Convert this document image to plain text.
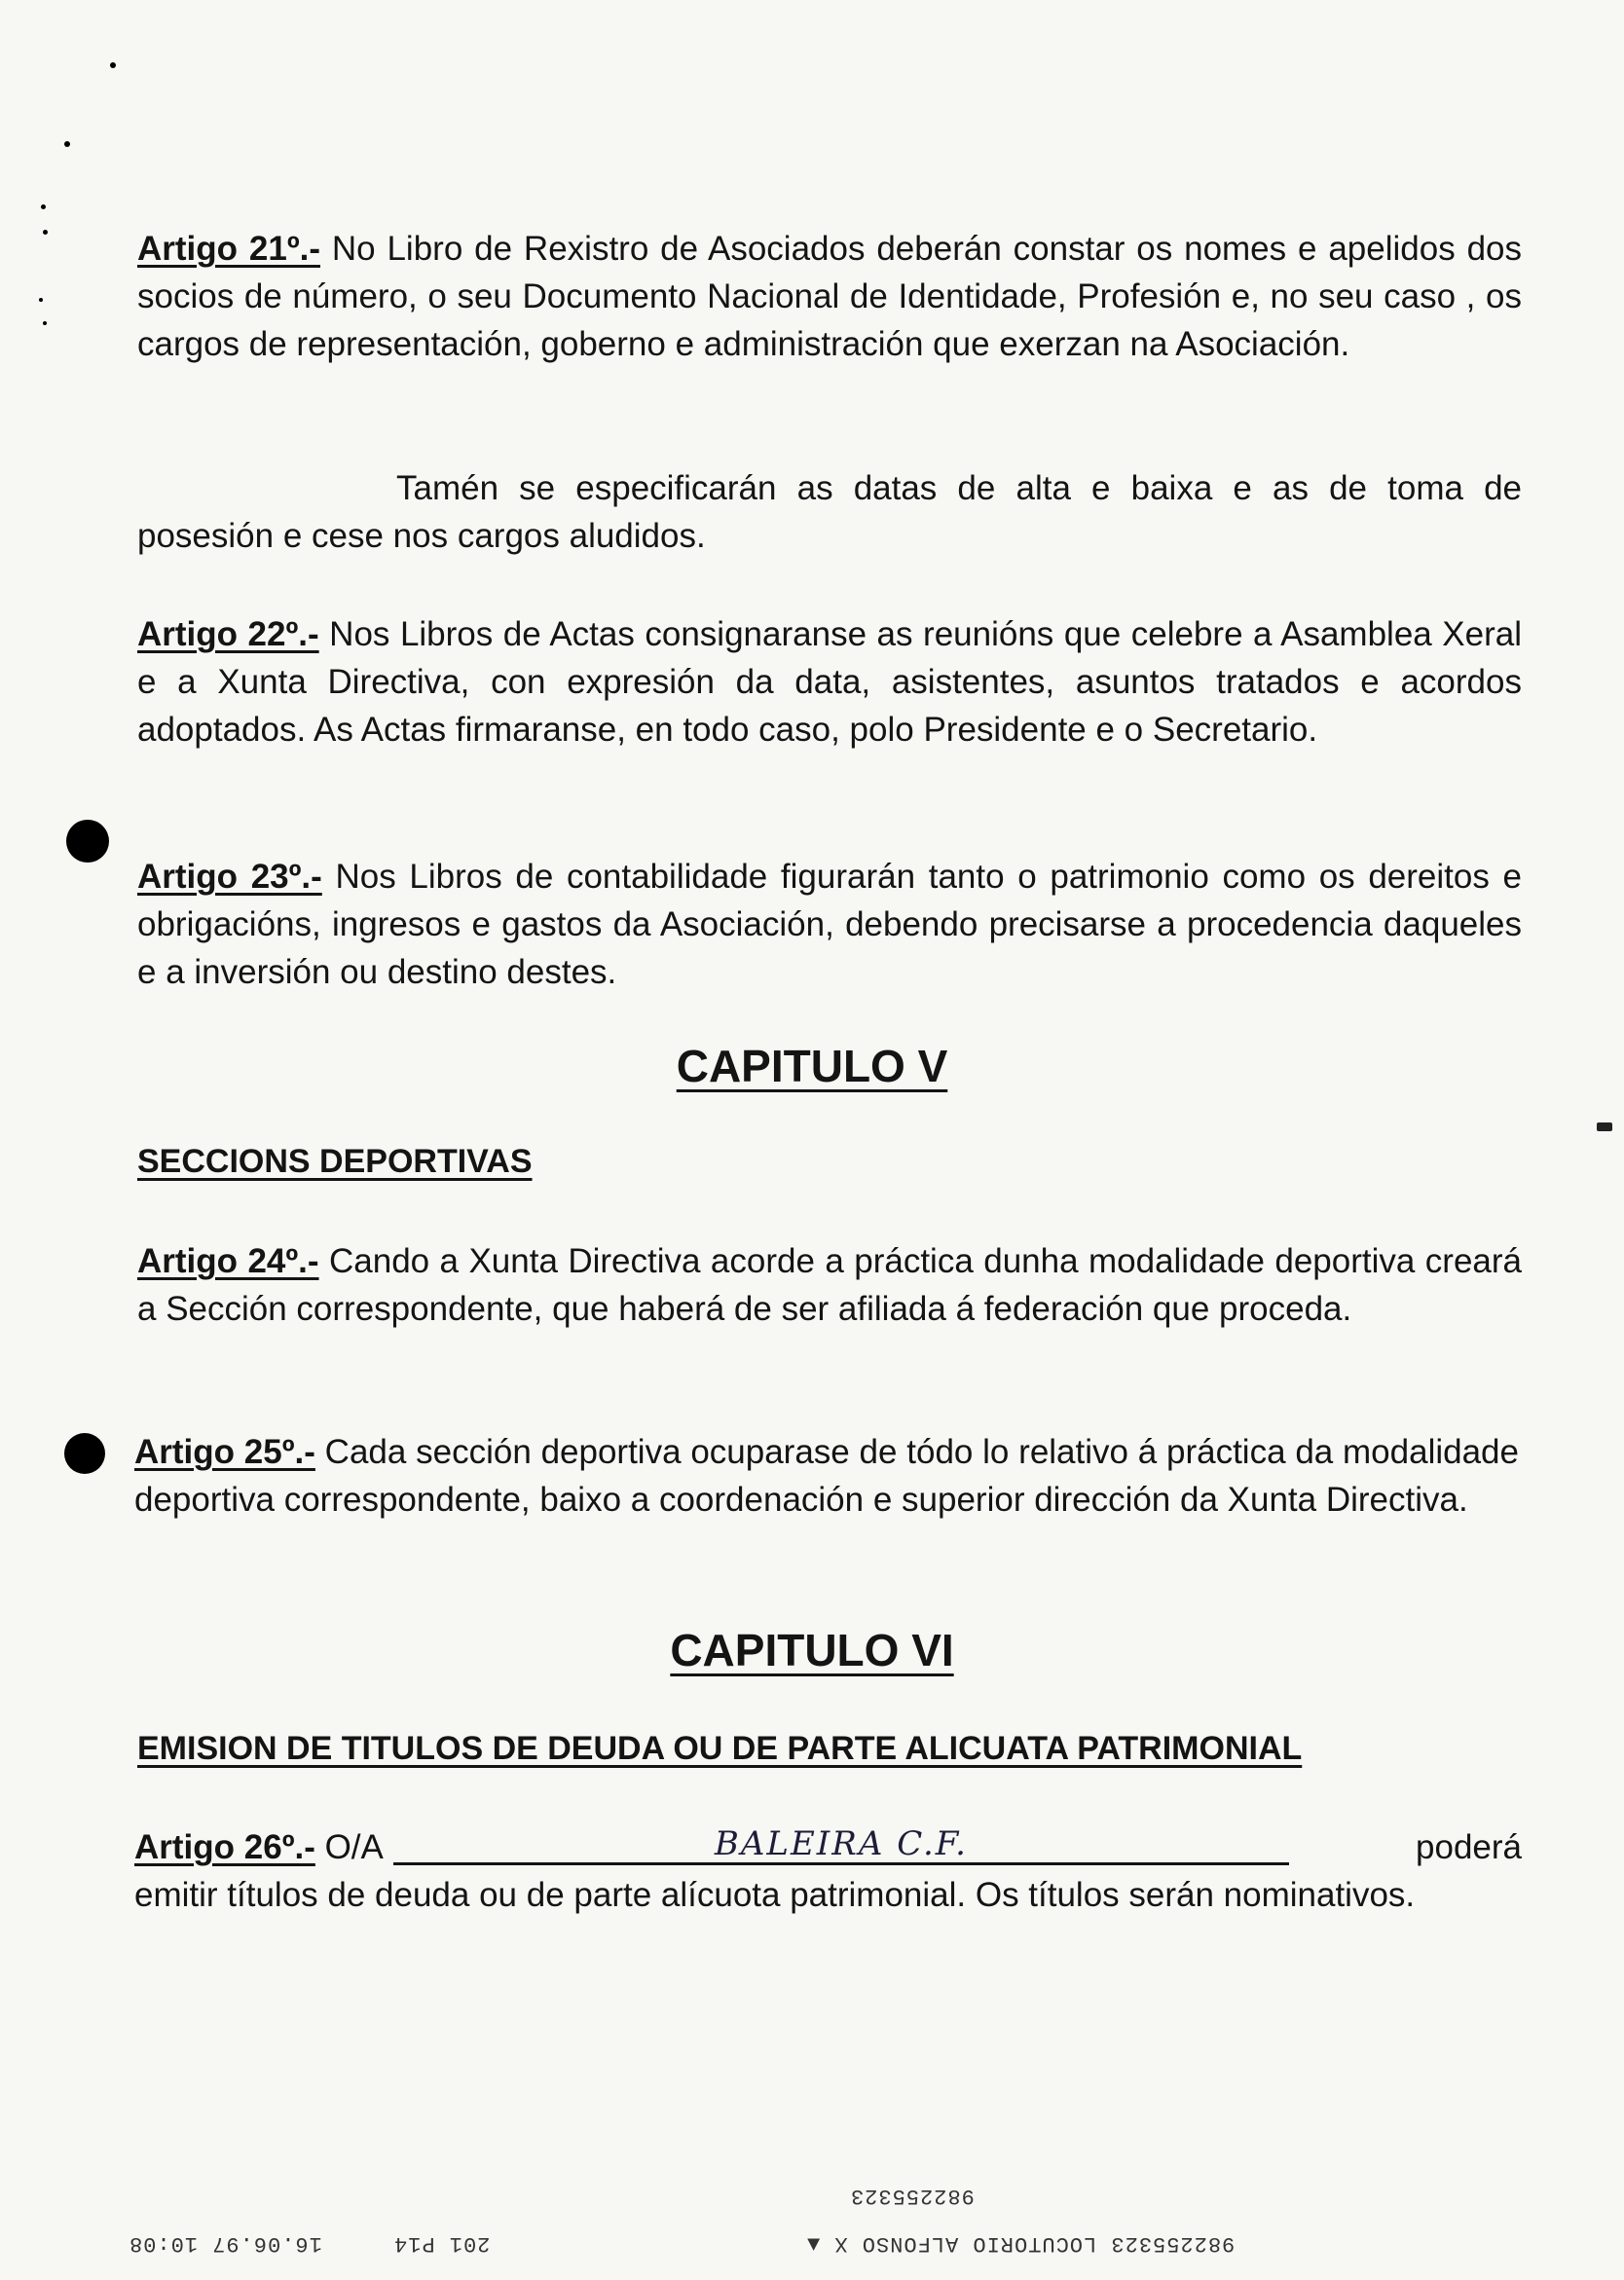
Artigo 21º.- No Libro de Rexistro de Asociados deberán constar os nomes e apelidos dos socios de número, o seu Documento Nacional de Identidade, Profesión e, no seu caso , os cargos de representación, goberno e administración que exerzan na Asociación.

Tamén se especificarán as datas de alta e baixa e as de toma de posesión e cese nos cargos aludidos.

Artigo 22º.- Nos Libros de Actas consignaranse as reunións que celebre a Asamblea Xeral e a Xunta Directiva, con expresión da data, asistentes, asuntos tratados e acordos adoptados. As Actas firmaranse, en todo caso, polo Presidente e o Secretario.

Artigo 23º.- Nos Libros de contabilidade figurarán tanto o patrimonio como os dereitos e obrigacións, ingresos e gastos da Asociación, debendo precisarse a procedencia daqueles e a inversión ou destino destes.

CAPITULO V
SECCIONS DEPORTIVAS

Artigo 24º.- Cando a Xunta Directiva acorde a práctica dunha modalidade deportiva creará a Sección correspondente, que haberá de ser afiliada á federación que proceda.

Artigo 25º.- Cada sección deportiva ocuparase de tódo lo relativo á práctica da modalidade deportiva correspondente, baixo a coordenación e superior dirección da Xunta Directiva.

CAPITULO VI
EMISION DE TITULOS DE DEUDA OU DE PARTE ALICUATA PATRIMONIAL

Artigo 26º.- O/A	BALEIRA C.F.	poderá

emitir títulos de deuda ou de parte alícuota patrimonial. Os títulos serán nominativos.

982255323
982255323 LOCUTORIO ALFONSO X ▲
201 P14
16.06.97 10:08
